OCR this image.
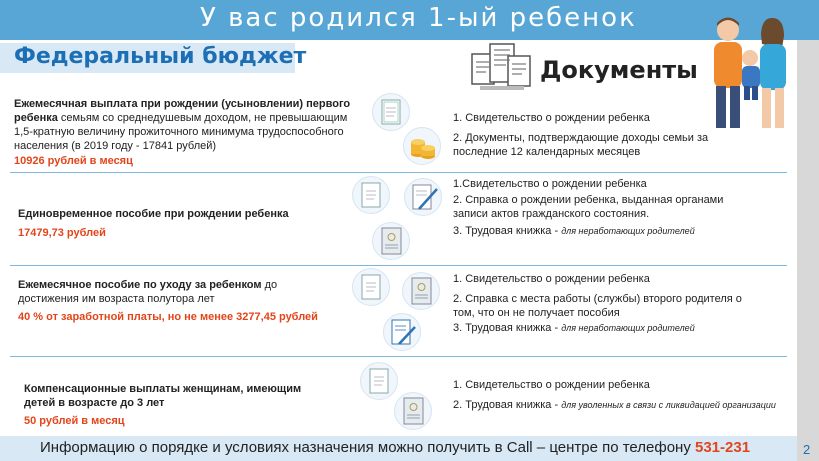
У вас родился 1-ый ребенок
Федеральный бюджет	Документы
Ежемесячная выплата при рождении (усыновлении) первого ребенка семьям со среднедушевым доходом, не превышающим 1,5-кратную величину прожиточного минимума трудоспособного населения (в 2019 году - 17841 рублей)
10926 рублей в месяц
1. Свидетельство о рождении ребенка
2. Документы, подтверждающие доходы семьи за последние 12 календарных месяцев
Единовременное пособие при рождении ребенка
17479,73 рублей
1.Свидетельство о рождении ребенка
2. Справка о рождении ребенка, выданная органами записи актов гражданского состояния.
3. Трудовая книжка - для неработающих родителей
Ежемесячное пособие по уходу за ребенком до достижения им возраста полутора лет
40 % от заработной платы, но не менее 3277,45 рублей
1. Свидетельство о рождении ребенка
2. Справка с места работы (службы) второго родителя о том, что он не получает пособия
3. Трудовая книжка - для неработающих родителей
Компенсационные выплаты женщинам, имеющим детей в возрасте до 3 лет
50 рублей в месяц
1. Свидетельство о рождении ребенка
2. Трудовая книжка - для уволенных в связи с ликвидацией организации
Информацию о порядке и условиях назначения можно получить в Call – центре по телефону 531-231	2
